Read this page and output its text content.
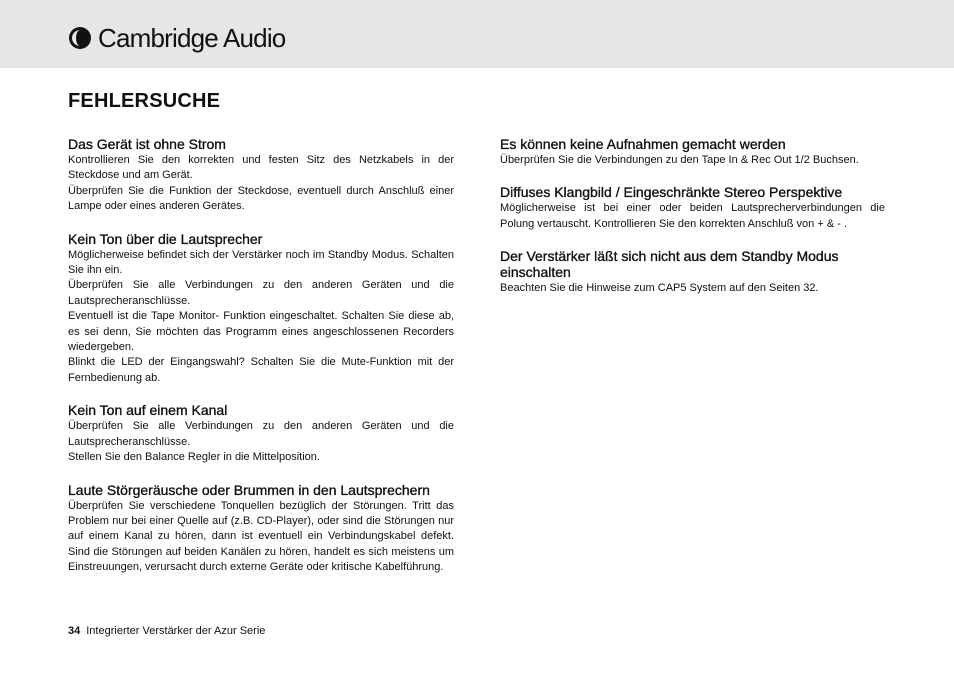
Cambridge Audio
FEHLERSUCHE
Das Gerät ist ohne Strom

Kontrollieren Sie den korrekten und festen Sitz des Netzkabels in der Steckdose und am Gerät.

Überprüfen Sie die Funktion der Steckdose, eventuell durch Anschluß einer Lampe oder eines anderen Gerätes.

Kein Ton über die Lautsprecher

Möglicherweise befindet sich der Verstärker noch im Standby Modus. Schalten Sie ihn ein.

Überprüfen Sie alle Verbindungen zu den anderen Geräten und die Lautsprecheranschlüsse.

Eventuell ist die Tape Monitor- Funktion eingeschaltet. Schalten Sie diese ab, es sei denn, Sie möchten das Programm eines angeschlossenen Recorders wiedergeben.

Blinkt die LED der Eingangswahl? Schalten Sie die Mute-Funktion mit der Fernbedienung ab.

Kein Ton auf einem Kanal

Überprüfen Sie alle Verbindungen zu den anderen Geräten und die Lautsprecheranschlüsse.

Stellen Sie den Balance Regler in die Mittelposition.

Laute Störgeräusche oder Brummen in den Lautsprechern

Überprüfen Sie verschiedene Tonquellen bezüglich der Störungen. Tritt das Problem nur bei einer Quelle auf (z.B. CD-Player), oder sind die Störungen nur auf einem Kanal zu hören, dann ist eventuell ein Verbindungskabel defekt. Sind die Störungen auf beiden Kanälen zu hören, handelt es sich meistens um Einstreuungen, verursacht durch externe Geräte oder kritische Kabelführung.

Es können keine Aufnahmen gemacht werden

Überprüfen Sie die Verbindungen zu den Tape In & Rec Out 1/2 Buchsen.

Diffuses Klangbild / Eingeschränkte Stereo Perspektive

Möglicherweise ist bei einer oder beiden Lautsprecherverbindungen die Polung vertauscht. Kontrollieren Sie den korrekten Anschluß von + & - .

Der Verstärker läßt sich nicht aus dem Standby Modus einschalten

Beachten Sie die Hinweise zum CAP5 System auf den Seiten 32.

34 Integrierter Verstärker der Azur Serie
